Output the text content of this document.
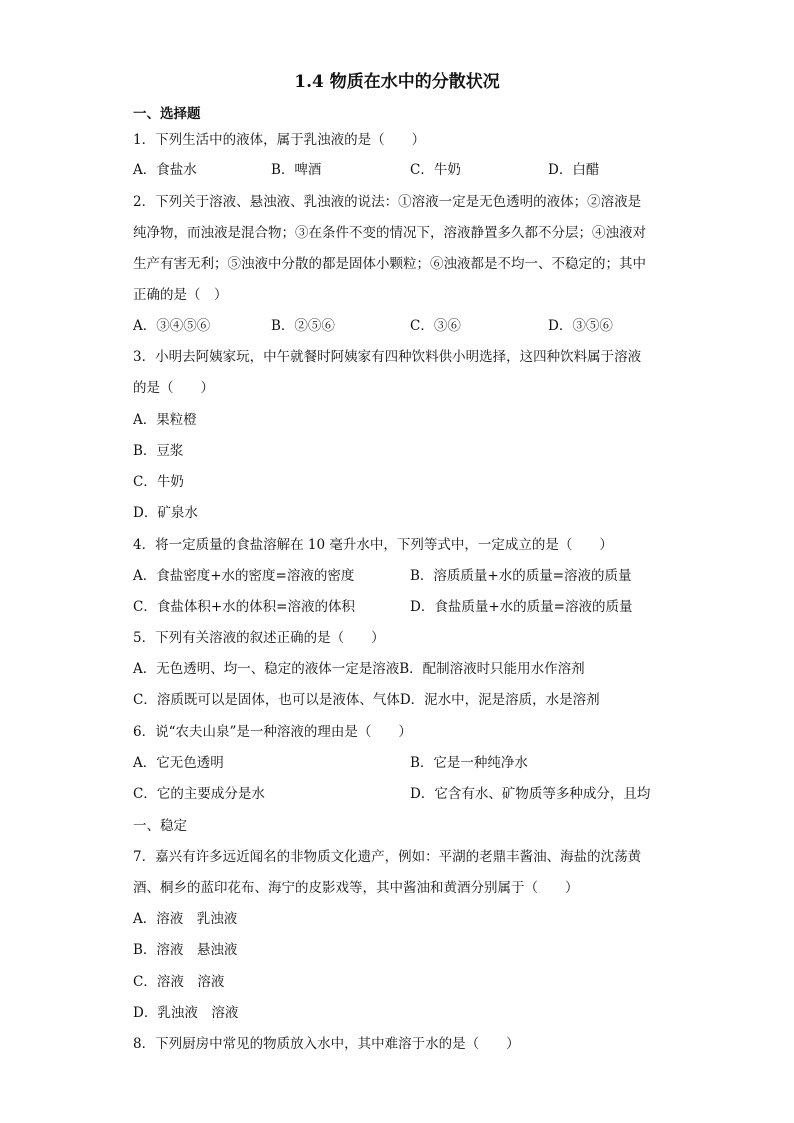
1.4 物质在水中的分散状况
一、选择题
1．下列生活中的液体，属于乳浊液的是（　　）
A．食盐水	B．啤酒	C．牛奶	D．白醋
2．下列关于溶液、悬浊液、乳浊液的说法：①溶液一定是无色透明的液体；②溶液是
纯净物，而浊液是混合物；③在条件不变的情况下，溶液静置多久都不分层；④浊液对
生产有害无利；⑤浊液中分散的都是固体小颗粒；⑥浊液都是不均一、不稳定的；其中
正确的是（　）
A．③④⑤⑥	B．②⑤⑥	C．③⑥	D．③⑤⑥
3．小明去阿姨家玩，中午就餐时阿姨家有四种饮料供小明选择，这四种饮料属于溶液
的是（　　）
A．果粒橙
B．豆浆
C．牛奶
D．矿泉水
4．将一定质量的食盐溶解在 10 毫升水中，下列等式中，一定成立的是（　　）
A．食盐密度+水的密度=溶液的密度	B．溶质质量+水的质量=溶液的质量
C．食盐体积+水的体积=溶液的体积	D．食盐质量+水的质量=溶液的质量
5．下列有关溶液的叙述正确的是（　　）
A．无色透明、均一、稳定的液体一定是溶液B．配制溶液时只能用水作溶剂
C．溶质既可以是固体，也可以是液体、气体D．泥水中，泥是溶质，水是溶剂
6．说“农夫山泉”是一种溶液的理由是（　　）
A．它无色透明	B．它是一种纯净水
C．它的主要成分是水	D．它含有水、矿物质等多种成分，且均
一、稳定
7．嘉兴有许多远近闻名的非物质文化遗产，例如：平湖的老鼎丰酱油、海盐的沈荡黄
酒、桐乡的蓝印花布、海宁的皮影戏等，其中酱油和黄酒分别属于（　　）
A．溶液　乳浊液
B．溶液　悬浊液
C．溶液　溶液
D．乳浊液　溶液
8．下列厨房中常见的物质放入水中，其中难溶于水的是（　　）
